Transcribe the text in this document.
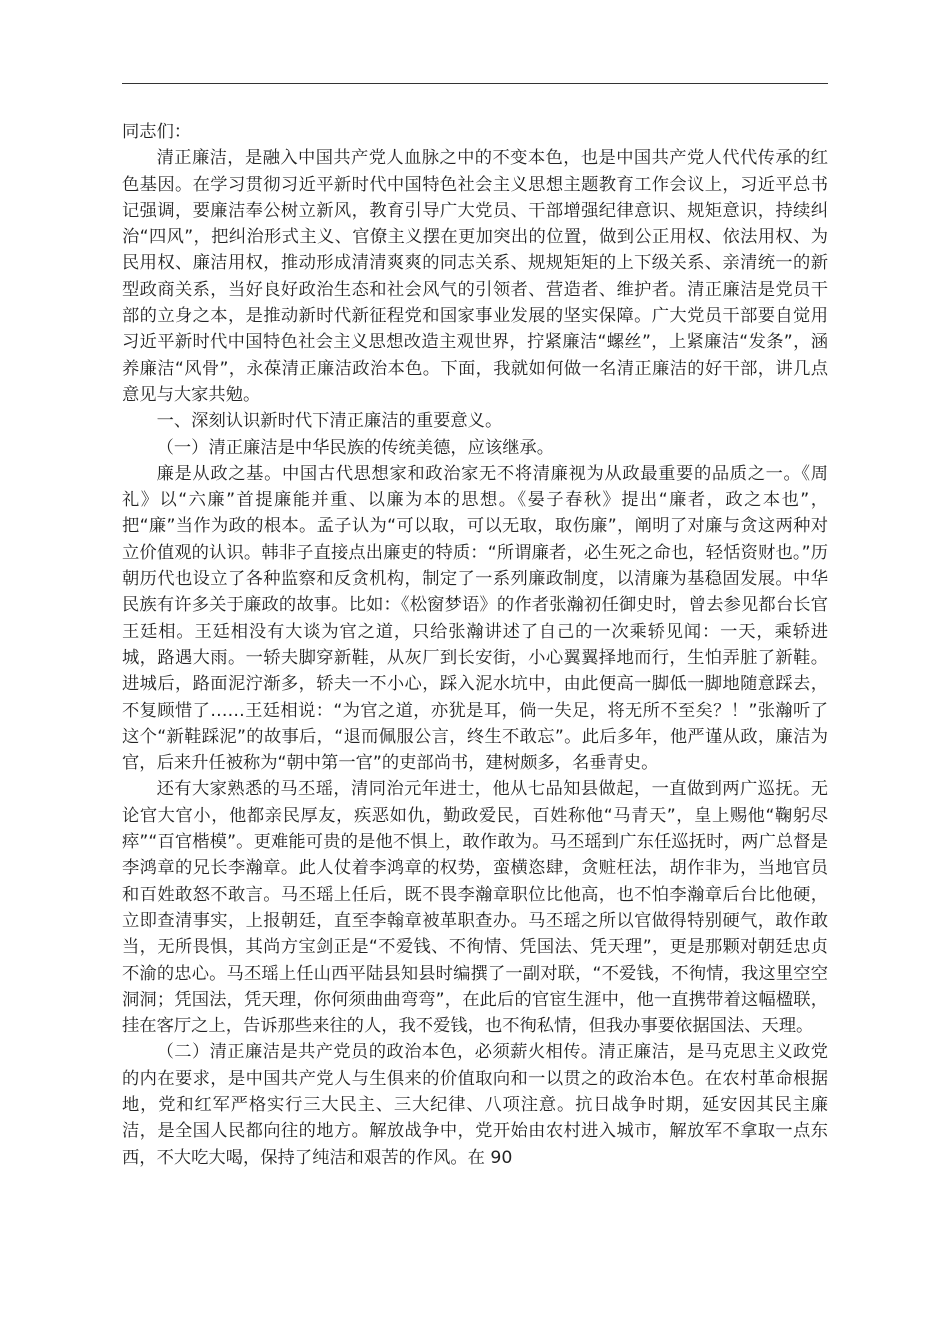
同志们：

清正廉洁，是融入中国共产党人血脉之中的不变本色，也是中国共产党人代代传承的红色基因。在学习贯彻习近平新时代中国特色社会主义思想主题教育工作会议上，习近平总书记强调，要廉洁奉公树立新风，教育引导广大党员、干部增强纪律意识、规矩意识，持续纠治“四风”，把纠治形式主义、官僚主义摆在更加突出的位置，做到公正用权、依法用权、为民用权、廉洁用权，推动形成清清爽爽的同志关系、规规矩矩的上下级关系、亲清统一的新型政商关系，当好良好政治生态和社会风气的引领者、营造者、维护者。清正廉洁是党员干部的立身之本，是推动新时代新征程党和国家事业发展的坚实保障。广大党员干部要自觉用习近平新时代中国特色社会主义思想改造主观世界，拧紧廉洁“螺丝”，上紧廉洁“发条”，涵养廉洁“风骨”，永葆清正廉洁政治本色。下面，我就如何做一名清正廉洁的好干部，讲几点意见与大家共勉。

一、深刻认识新时代下清正廉洁的重要意义。

（一）清正廉洁是中华民族的传统美德，应该继承。

廉是从政之基。中国古代思想家和政治家无不将清廉视为从政最重要的品质之一。《周礼》以“六廉”首提廉能并重、以廉为本的思想。《晏子春秋》提出“廉者，政之本也”，把“廉”当作为政的根本。孟子认为“可以取，可以无取，取伤廉”，阐明了对廉与贪这两种对立价值观的认识。韩非子直接点出廉吏的特质：“所谓廉者，必生死之命也，轻恬资财也。”历朝历代也设立了各种监察和反贪机构，制定了一系列廉政制度，以清廉为基稳固发展。中华民族有许多关于廉政的故事。比如：《松窗梦语》的作者张瀚初任御史时，曾去参见都台长官王廷相。王廷相没有大谈为官之道，只给张瀚讲述了自己的一次乘轿见闻：一天，乘轿进城，路遇大雨。一轿夫脚穿新鞋，从灰厂到长安街，小心翼翼择地而行，生怕弄脏了新鞋。进城后，路面泥泞渐多，轿夫一不小心，踩入泥水坑中，由此便高一脚低一脚地随意踩去，不复顾惜了……王廷相说：“为官之道，亦犹是耳，倘一失足，将无所不至矣？！”张瀚听了这个“新鞋踩泥”的故事后，“退而佩服公言，终生不敢忘”。此后多年，他严谨从政，廉洁为官，后来升任被称为“朝中第一官”的吏部尚书，建树颇多，名垂青史。

还有大家熟悉的马丕瑶，清同治元年进士，他从七品知县做起，一直做到两广巡抚。无论官大官小，他都亲民厚友，疾恶如仇，勤政爱民，百姓称他“马青天”，皇上赐他“鞠躬尽瘁”“百官楷模”。更难能可贵的是他不惧上，敢作敢为。马丕瑶到广东任巡抚时，两广总督是李鸿章的兄长李瀚章。此人仗着李鸿章的权势，蛮横恣肆，贪赃枉法，胡作非为，当地官员和百姓敢怒不敢言。马丕瑶上任后，既不畏李瀚章职位比他高，也不怕李瀚章后台比他硬，立即查清事实，上报朝廷，直至李翰章被革职查办。马丕瑶之所以官做得特别硬气，敢作敢当，无所畏惧，其尚方宝剑正是“不爱钱、不徇情、凭国法、凭天理”，更是那颗对朝廷忠贞不渝的忠心。马丕瑶上任山西平陆县知县时编撰了一副对联，“不爱钱，不徇情，我这里空空洞洞；凭国法，凭天理，你何须曲曲弯弯”，在此后的官宦生涯中，他一直携带着这幅楹联，挂在客厅之上，告诉那些来往的人，我不爱钱，也不徇私情，但我办事要依据国法、天理。

（二）清正廉洁是共产党员的政治本色，必须薪火相传。清正廉洁，是马克思主义政党的内在要求，是中国共产党人与生俱来的价值取向和一以贯之的政治本色。在农村革命根据地，党和红军严格实行三大民主、三大纪律、八项注意。抗日战争时期，延安因其民主廉洁，是全国人民都向往的地方。解放战争中，党开始由农村进入城市，解放军不拿取一点东西，不大吃大喝，保持了纯洁和艰苦的作风。在 90
